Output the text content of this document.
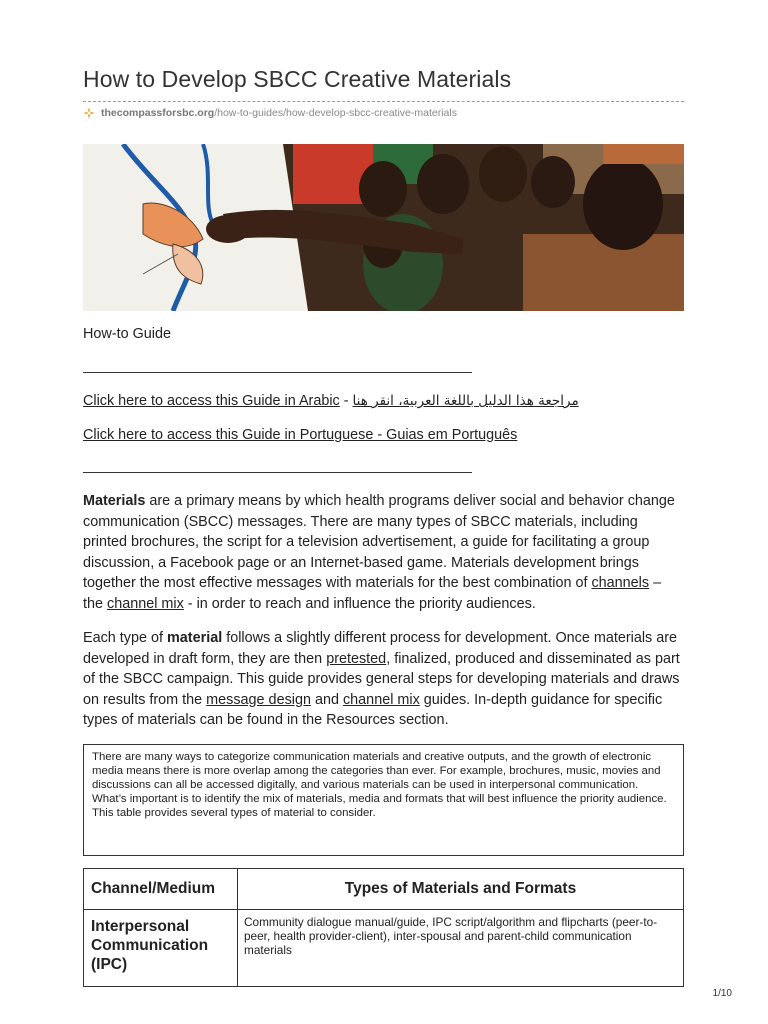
How to Develop SBCC Creative Materials
thecompassforsbc.org /how-to-guides/how-develop-sbcc-creative-materials
How-to Guide
Click here to access this Guide in Arabic - مراجعة هذا الدليل باللغة العربية، انقر هنا
Click here to access this Guide in Portuguese - Guias em Português

Materials are a primary means by which health programs deliver social and behavior change communication (SBCC) messages. There are many types of SBCC materials, including printed brochures, the script for a television advertisement, a guide for facilitating a group discussion, a Facebook page or an Internet-based game. Materials development brings together the most effective messages with materials for the best combination of channels – the channel mix - in order to reach and influence the priority audiences.

Each type of material follows a slightly different process for development. Once materials are developed in draft form, they are then pretested, finalized, produced and disseminated as part of the SBCC campaign. This guide provides general steps for developing materials and draws on results from the message design and channel mix guides. In-depth guidance for specific types of materials can be found in the Resources section.

There are many ways to categorize communication materials and creative outputs, and the growth of electronic media means there is more overlap among the categories than ever. For example, brochures, music, movies and discussions can all be accessed digitally, and various materials can be used in interpersonal communication. What’s important is to identify the mix of materials, media and formats that will best influence the priority audience. This table provides several types of material to consider.
Channel/Medium	Types of Materials and Formats
Interpersonal Communication (IPC)	Community dialogue manual/guide, IPC script/algorithm and flipcharts (peer-to-peer, health provider-client), inter-spousal and parent-child communication materials
1/10
